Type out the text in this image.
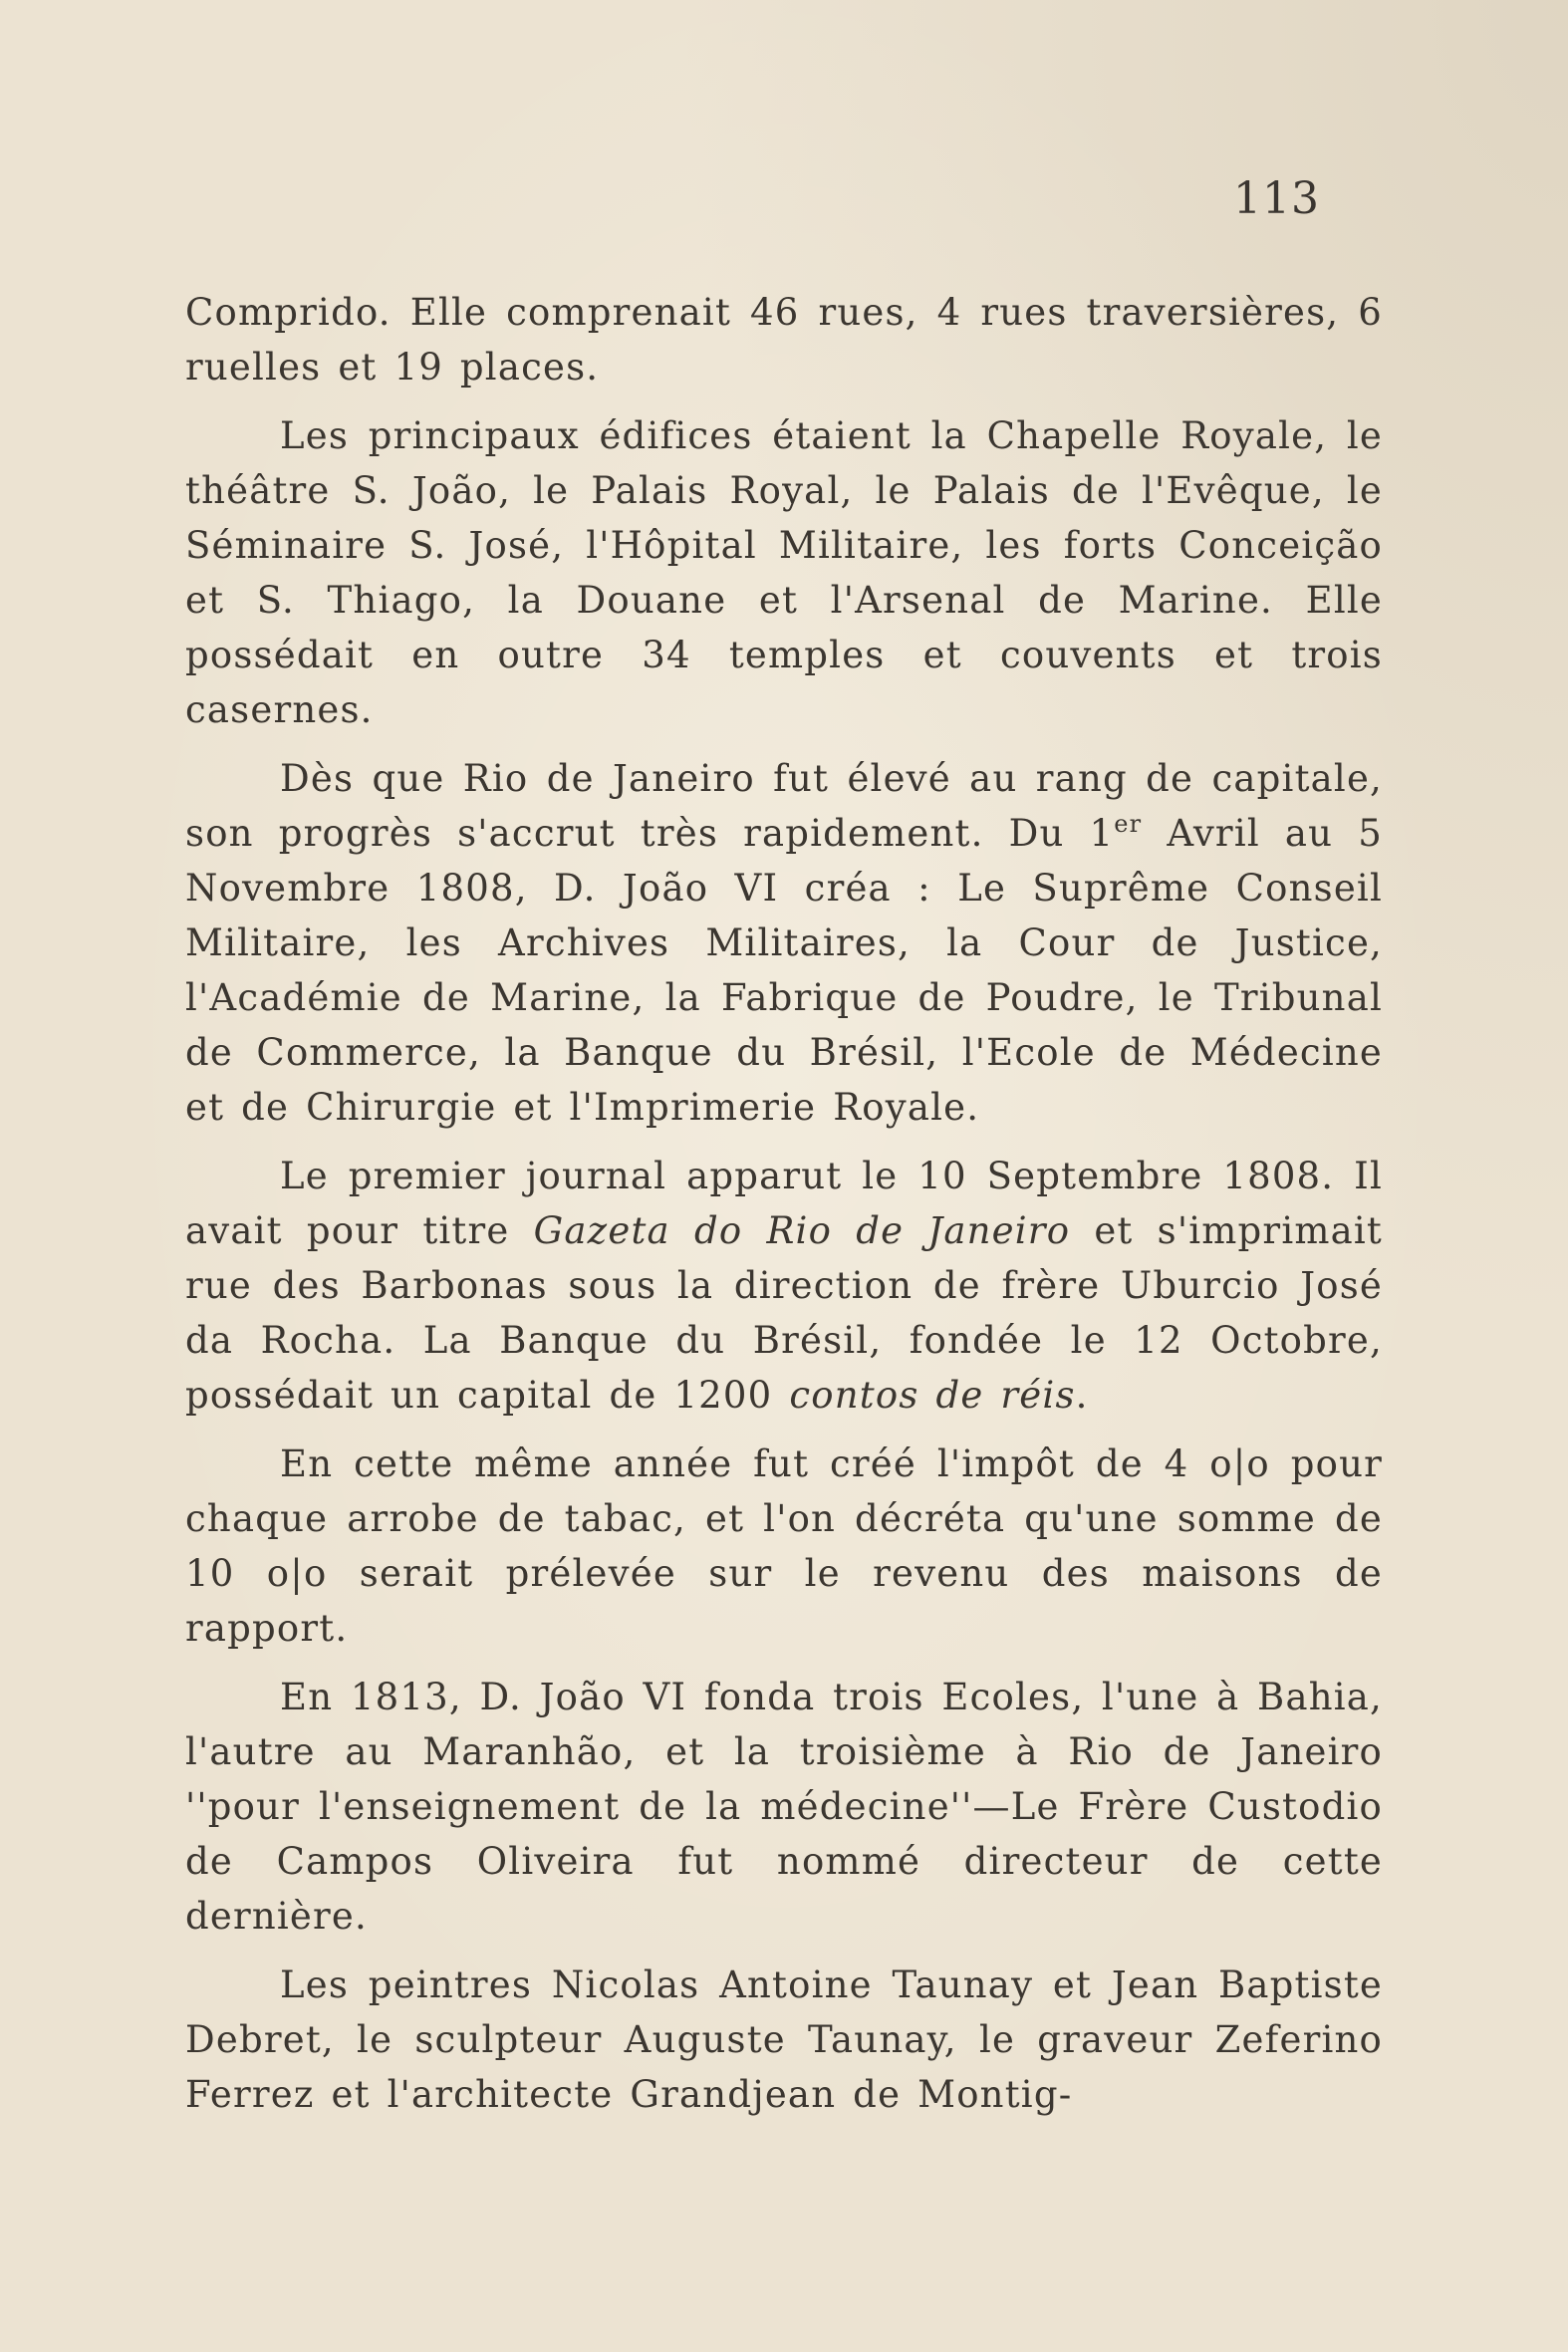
113

Comprido. Elle comprenait 46 rues, 4 rues traversières, 6 ruelles et 19 places.

Les principaux édifices étaient la Chapelle Royale, le théâtre S. João, le Palais Royal, le Palais de l'Evêque, le Séminaire S. José, l'Hôpital Militaire, les forts Conceição et S. Thiago, la Douane et l'Arsenal de Marine. Elle possédait en outre 34 temples et couvents et trois casernes.

Dès que Rio de Janeiro fut élevé au rang de capitale, son progrès s'accrut très rapidement. Du 1er Avril au 5 Novembre 1808, D. João VI créa : Le Suprême Conseil Militaire, les Archives Militaires, la Cour de Justice, l'Académie de Marine, la Fabrique de Poudre, le Tribunal de Commerce, la Banque du Brésil, l'Ecole de Médecine et de Chirurgie et l'Imprimerie Royale.

Le premier journal apparut le 10 Septembre 1808. Il avait pour titre Gazeta do Rio de Janeiro et s'imprimait rue des Barbonas sous la direction de frère Uburcio José da Rocha. La Banque du Brésil, fondée le 12 Octobre, possédait un capital de 1200 contos de réis.

En cette même année fut créé l'impôt de 4 o|o pour chaque arrobe de tabac, et l'on décréta qu'une somme de 10 o|o serait prélevée sur le revenu des maisons de rapport.

En 1813, D. João VI fonda trois Ecoles, l'une à Bahia, l'autre au Maranhão, et la troisième à Rio de Janeiro ''pour l'enseignement de la médecine''—Le Frère Custodio de Campos Oliveira fut nommé directeur de cette dernière.

Les peintres Nicolas Antoine Taunay et Jean Baptiste Debret, le sculpteur Auguste Taunay, le graveur Zeferino Ferrez et l'architecte Grandjean de Montig-
